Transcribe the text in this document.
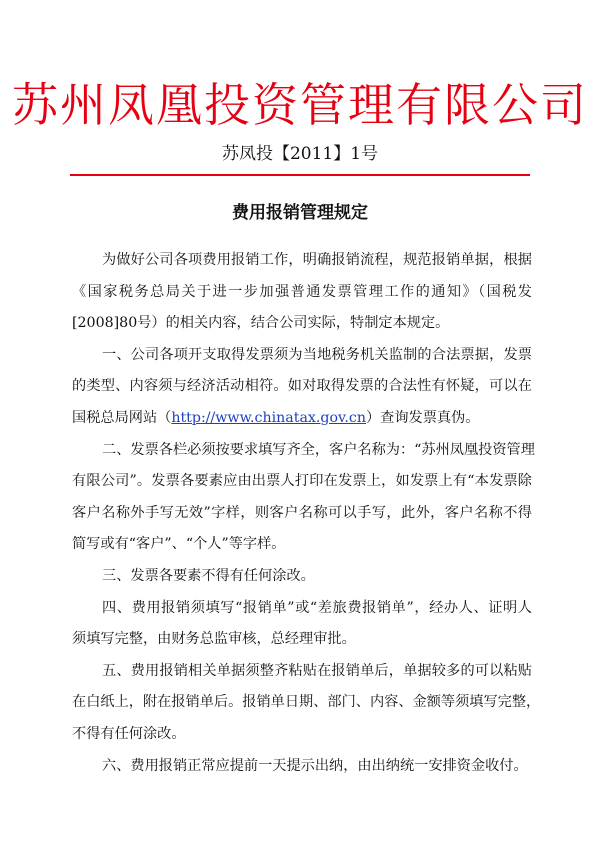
苏州凤凰投资管理有限公司
苏凤投【2011】1号
费用报销管理规定

为做好公司各项费用报销工作，明确报销流程，规范报销单据，根据
《国家税务总局关于进一步加强普通发票管理工作的通知》（国税发
[2008]80号）的相关内容，结合公司实际，特制定本规定。

一、公司各项开支取得发票须为当地税务机关监制的合法票据，发票
的类型、内容须与经济活动相符。如对取得发票的合法性有怀疑，可以在
国税总局网站（http://www.chinatax.gov.cn）查询发票真伪。

二、发票各栏必须按要求填写齐全，客户名称为：“苏州凤凰投资管理
有限公司”。发票各要素应由出票人打印在发票上，如发票上有“本发票除
客户名称外手写无效”字样，则客户名称可以手写，此外，客户名称不得
简写或有“客户”、“个人”等字样。

三、发票各要素不得有任何涂改。

四、费用报销须填写“报销单”或“差旅费报销单”，经办人、证明人
须填写完整，由财务总监审核，总经理审批。

五、费用报销相关单据须整齐粘贴在报销单后，单据较多的可以粘贴
在白纸上，附在报销单后。报销单日期、部门、内容、金额等须填写完整，
不得有任何涂改。

六、费用报销正常应提前一天提示出纳，由出纳统一安排资金收付。
